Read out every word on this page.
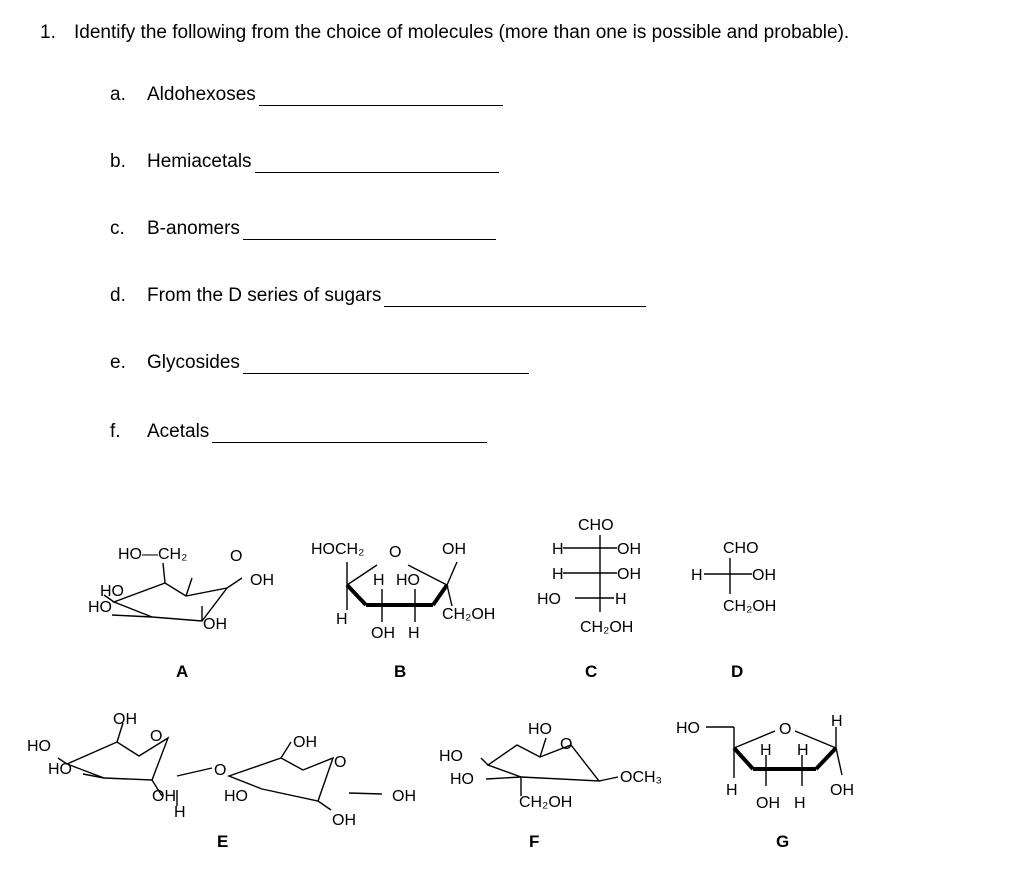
1. Identify the following from the choice of molecules (more than one is possible and probable).
a.	Aldohexoses
b.	Hemiacetals
c.	B-anomers
d.	From the D series of sugars
e.	Glycosides
f.	Acetals
HO—CH₂	O
OH
HO
HO
OH
A
HOCH₂ O	OH
H HO
CH₂OH
H
OH H
B
CHO
H	OH
H	OH
HO	H
CH₂OH
C
CHO
H	OH
CH₂OH
D
OH
O
HO
HO
OH
H
O
OH
HO
OH
OH
O
E
HO
O
HO
HO
CH₂OH
OCH₃
F
HO	O H
H H
H
OH H
OH
G
